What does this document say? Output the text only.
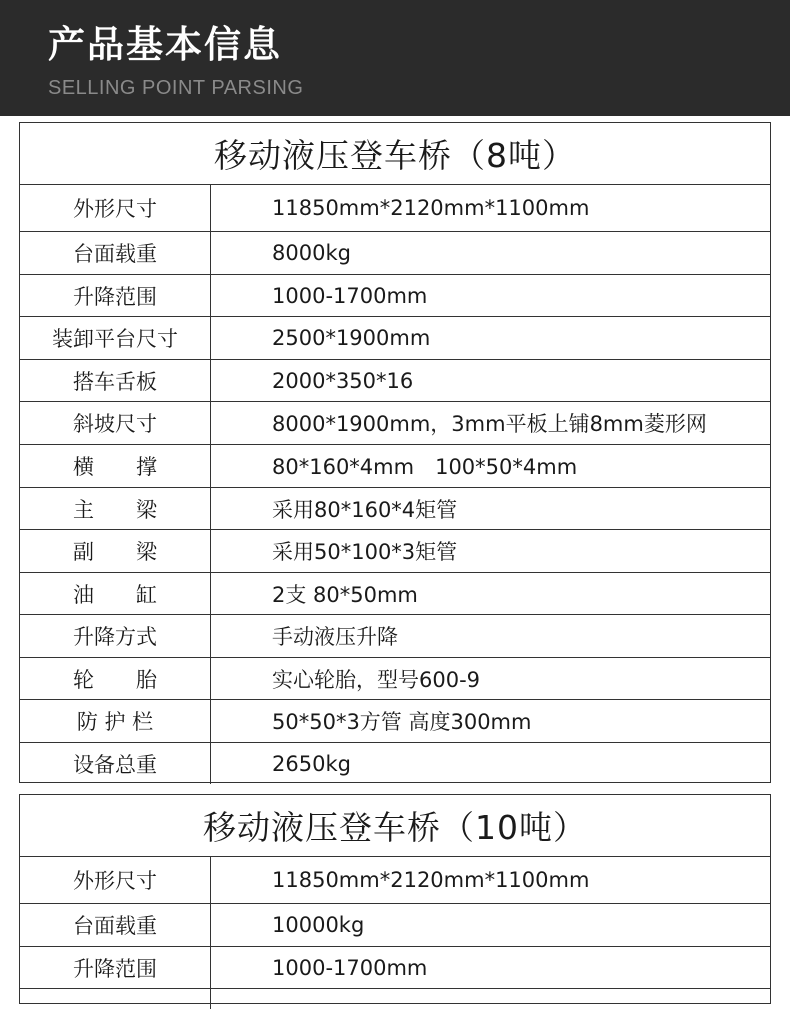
产品基本信息
SELLING POINT PARSING
移动液压登车桥（8吨）
外形尺寸	11850mm*2120mm*1100mm
台面载重	8000kg
升降范围	1000-1700mm
装卸平台尺寸	2500*1900mm
搭车舌板	2000*350*16
斜坡尺寸	8000*1900mm，3mm平板上铺8mm菱形网
横　　撑	80*160*4mm　100*50*4mm
主　　梁	采用80*160*4矩管
副　　梁	采用50*100*3矩管
油　　缸	2支 80*50mm
升降方式	手动液压升降
轮　　胎	实心轮胎，型号600-9
防 护 栏	50*50*3方管 高度300mm
设备总重	2650kg
移动液压登车桥（10吨）
外形尺寸	11850mm*2120mm*1100mm
台面载重	10000kg
升降范围	1000-1700mm
